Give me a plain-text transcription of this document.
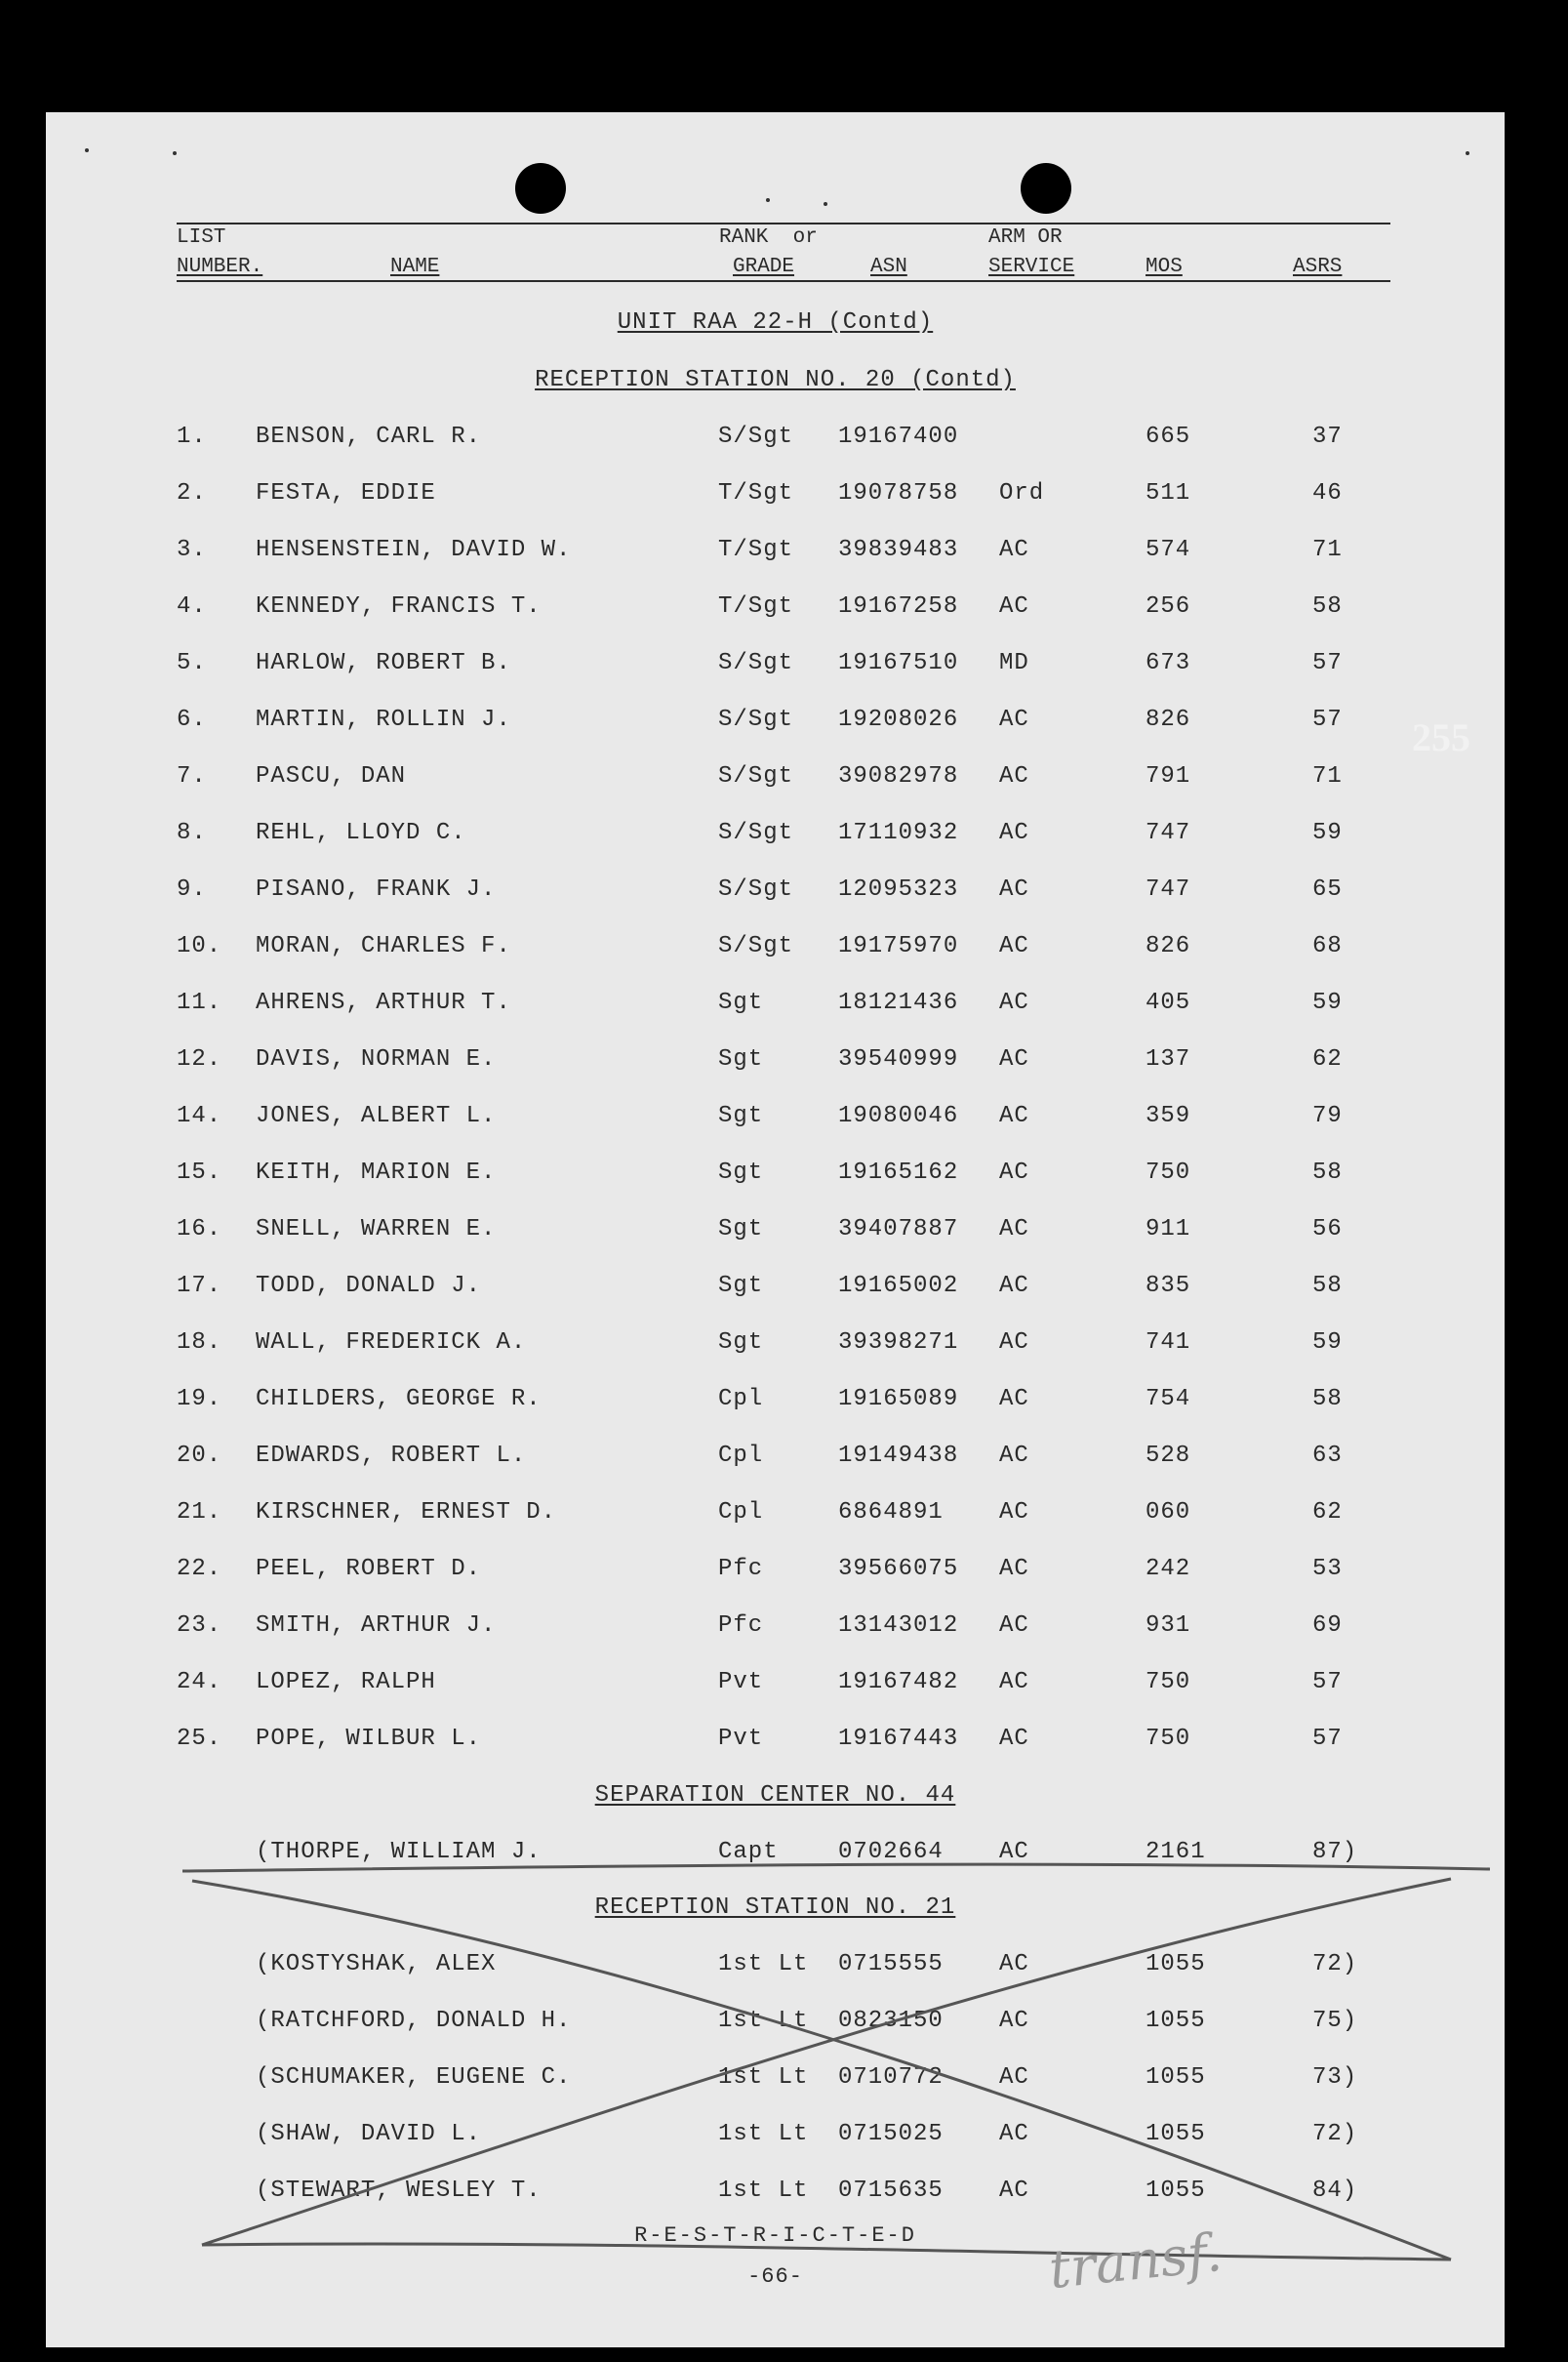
LIST
NUMBER.	NAME
RANK  or
GRADE	ASN
ARM OR
SERVICE	MOS	ASRS
UNIT RAA 22-H (Contd)
RECEPTION STATION NO. 20 (Contd)
1. BENSON, CARL R.	S/Sgt 19167400	665	37
2. FESTA, EDDIE	T/Sgt 19078758 Ord	511	46
3. HENSENSTEIN, DAVID W.	T/Sgt 39839483 AC	574	71
4. KENNEDY, FRANCIS T.	T/Sgt 19167258 AC	256	58
5. HARLOW, ROBERT B.	S/Sgt 19167510 MD	673	57
6. MARTIN, ROLLIN J.	S/Sgt 19208026 AC	826	57
7. PASCU, DAN	S/Sgt 39082978 AC	791	71
8. REHL, LLOYD C.	S/Sgt 17110932 AC	747	59
9. PISANO, FRANK J.	S/Sgt 12095323 AC	747	65
10. MORAN, CHARLES F.	S/Sgt 19175970 AC	826	68
11. AHRENS, ARTHUR T.	Sgt	18121436 AC	405	59
12. DAVIS, NORMAN E.	Sgt	39540999 AC	137	62
14. JONES, ALBERT L.	Sgt	19080046 AC	359	79
15. KEITH, MARION E.	Sgt	19165162 AC	750	58
16. SNELL, WARREN E.	Sgt	39407887 AC	911	56
17. TODD, DONALD J.	Sgt	19165002 AC	835	58
18. WALL, FREDERICK A.	Sgt	39398271 AC	741	59
19. CHILDERS, GEORGE R.	Cpl	19165089 AC	754	58
20. EDWARDS, ROBERT L.	Cpl	19149438 AC	528	63
21. KIRSCHNER, ERNEST D.	Cpl	6864891 AC	060	62
22. PEEL, ROBERT D.	Pfc	39566075 AC	242	53
23. SMITH, ARTHUR J.	Pfc	13143012 AC	931	69
24. LOPEZ, RALPH	Pvt	19167482 AC	750	57
25. POPE, WILBUR L.	Pvt	19167443 AC	750	57
SEPARATION CENTER NO. 44
(THORPE, WILLIAM J.	Capt	0702664 AC	2161	87)
RECEPTION STATION NO. 21
(KOSTYSHAK, ALEX	1st Lt 0715555 AC	1055	72)
(RATCHFORD, DONALD H.	1st Lt 0823150 AC	1055	75)
(SCHUMAKER, EUGENE C.	1st Lt 0710772 AC	1055	73)
(SHAW, DAVID L.	1st Lt 0715025 AC	1055	72)
(STEWART, WESLEY T.	1st Lt 0715635 AC	1055	84)
R-E-S-T-R-I-C-T-E-D
-66-	transf.
255
